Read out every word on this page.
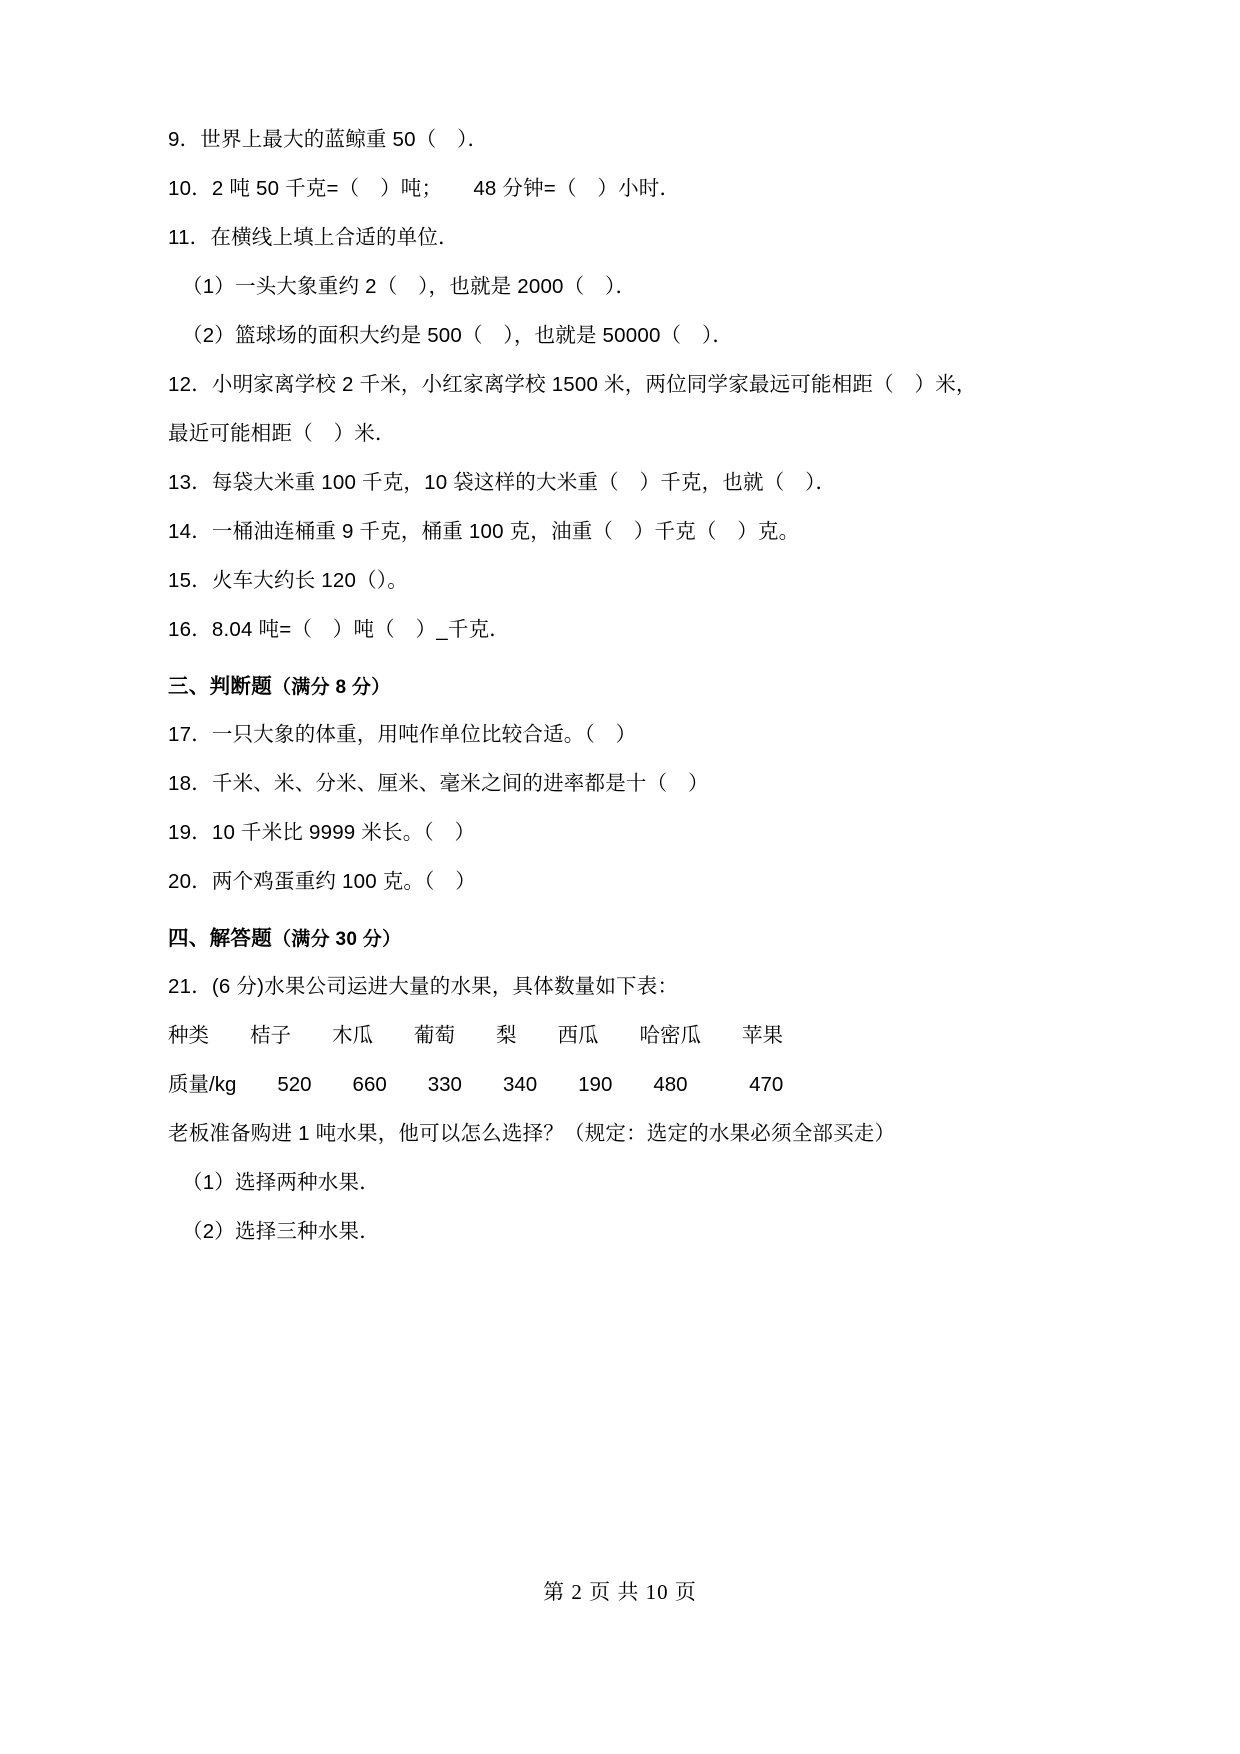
9．世界上最大的蓝鲸重 50（　）．
10．2 吨 50 千克=（　）吨；　　48 分钟=（　）小时．
11．在横线上填上合适的单位．
（1）一头大象重约 2（　），也就是 2000（　）．
（2）篮球场的面积大约是 500（　），也就是 50000（　）．
12．小明家离学校 2 千米，小红家离学校 1500 米，两位同学家最远可能相距（　）米，
最近可能相距（　）米．
13．每袋大米重 100 千克，10 袋这样的大米重（　）千克，也就（　）．
14．一桶油连桶重 9 千克，桶重 100 克，油重（　）千克（　）克。
15．火车大约长 120（）。
16．8.04 吨=（　）吨（　）_千克．
三、判断题（满分 8 分）
17．一只大象的体重，用吨作单位比较合适。（　）
18．千米、米、分米、厘米、毫米之间的进率都是十（　）
19．10 千米比 9999 米长。（　）
20．两个鸡蛋重约 100 克。（　）
四、解答题（满分 30 分）
21．(6 分)水果公司运进大量的水果，具体数量如下表：
种类　　桔子　　木瓜　　葡萄　　梨　　西瓜　　哈密瓜　　苹果
质量/kg　　520　　660　　330　　340　　190　　480　　　470
老板准备购进 1 吨水果，他可以怎么选择？（规定：选定的水果必须全部买走）
（1）选择两种水果．
（2）选择三种水果．
第 2 页 共 10 页
